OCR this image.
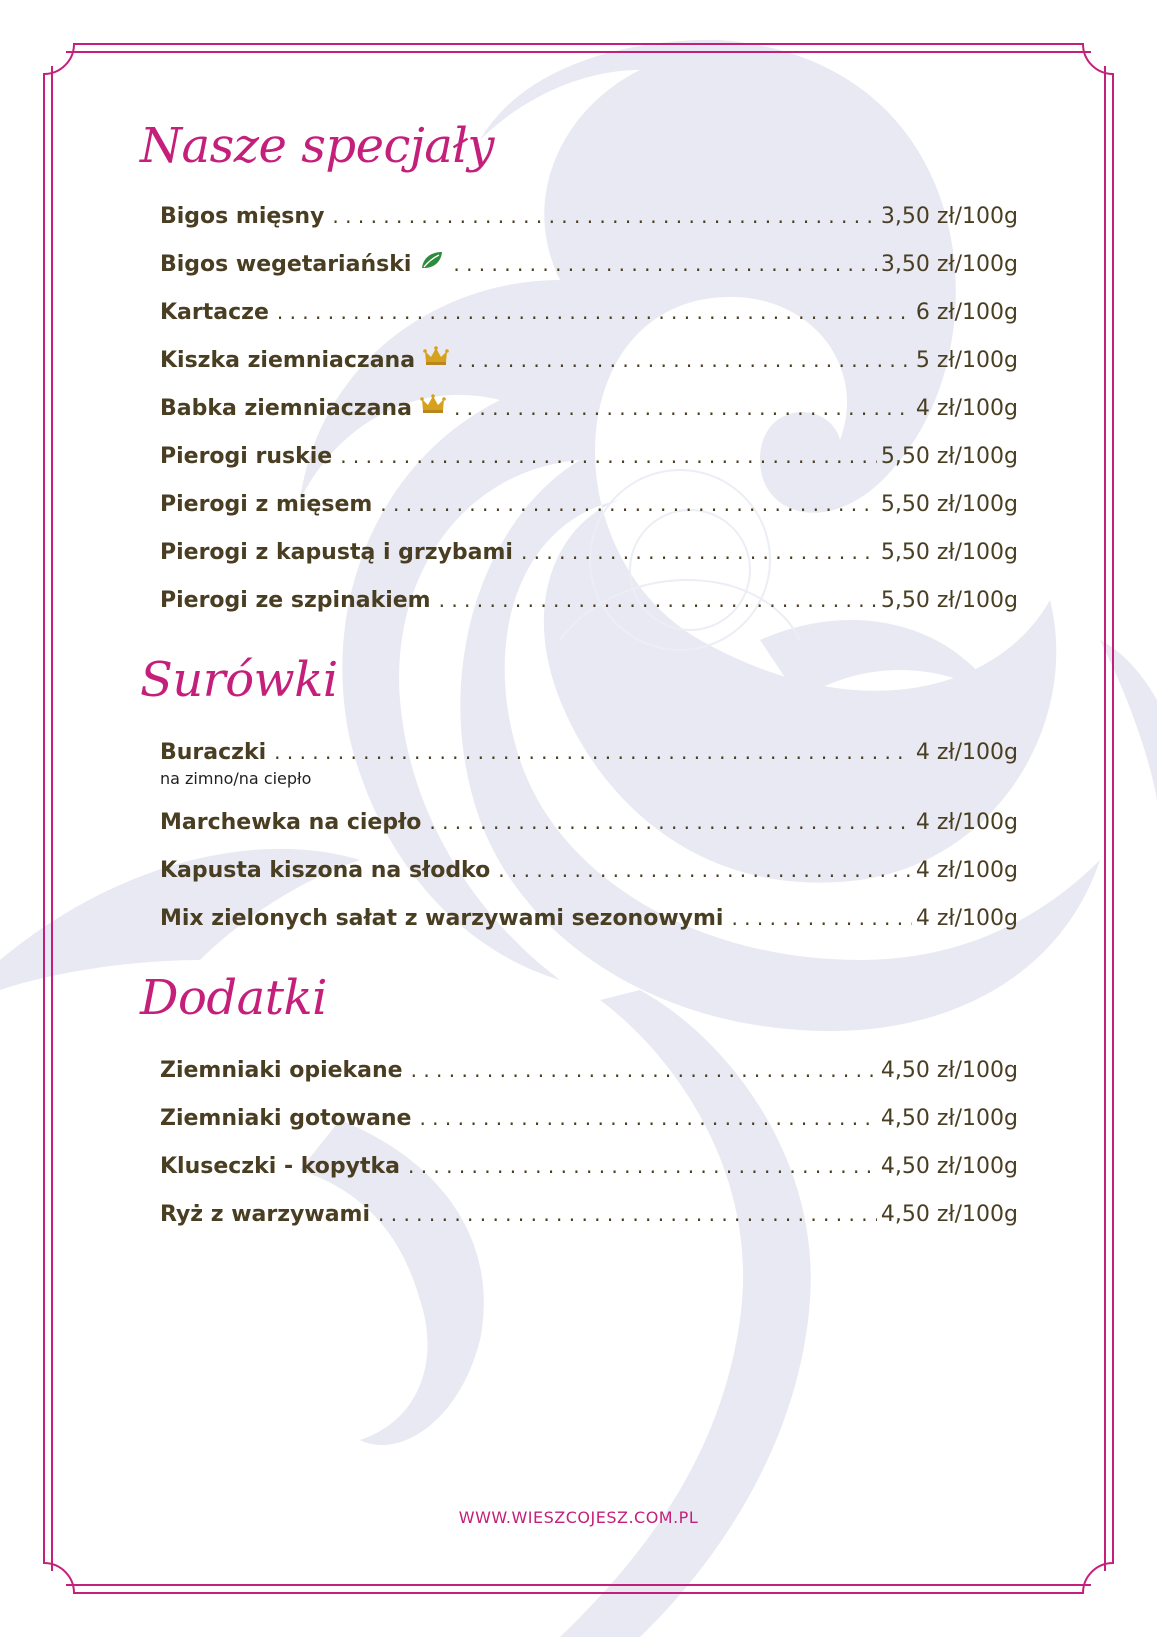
Nasze specjały
Bigos mięsny . . .	3,50 zł/100g
Bigos wegetariański . . .	3,50 zł/100g
Kartacze . . .	6 zł/100g
Kiszka ziemniaczana . . .	5 zł/100g
Babka ziemniaczana . . .	4 zł/100g
Pierogi ruskie . . .	5,50 zł/100g
Pierogi z mięsem . . .	5,50 zł/100g
Pierogi z kapustą i grzybami . . .	5,50 zł/100g
Pierogi ze szpinakiem . . .	5,50 zł/100g
Surówki
Buraczki . . .	4 zł/100g
na zimno/na ciepło
Marchewka na ciepło . . .	4 zł/100g
Kapusta kiszona na słodko . . .	4 zł/100g
Mix zielonych sałat z warzywami sezonowymi . . .	4 zł/100g
Dodatki
Ziemniaki opiekane . . .	4,50 zł/100g
Ziemniaki gotowane . . .	4,50 zł/100g
Kluseczki - kopytka . . .	4,50 zł/100g
Ryż z warzywami . . .	4,50 zł/100g
WWW.WIESZCOJESZ.COM.PL
